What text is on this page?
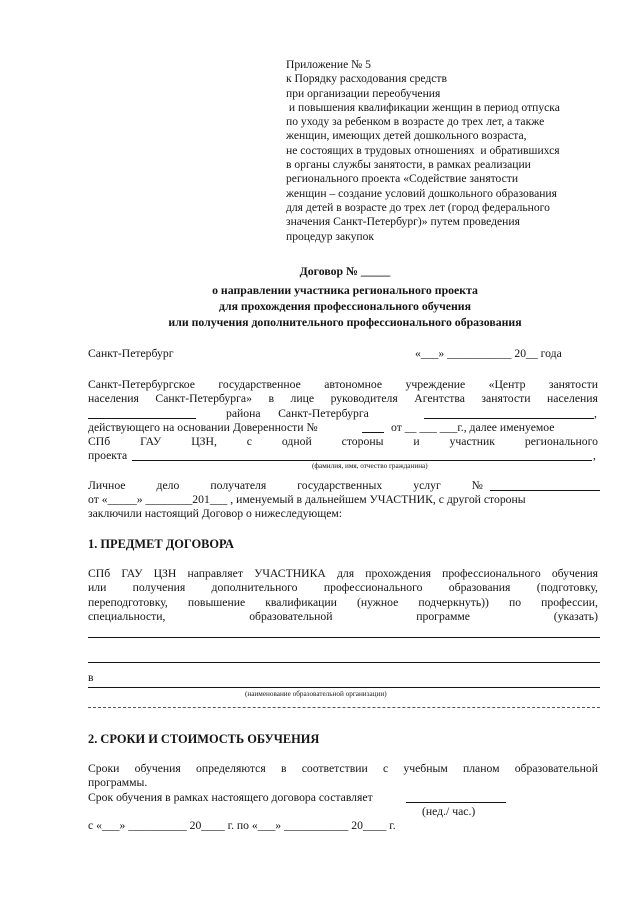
Приложение № 5
к Порядку расходования средств
при организации переобучения
и повышения квалификации женщин в период отпуска
по уходу за ребенком в возрасте до трех лет, а также
женщин, имеющих детей дошкольного возраста,
не состоящих в трудовых отношениях  и обратившихся
в органы службы занятости, в рамках реализации
регионального проекта «Содействие занятости
женщин – создание условий дошкольного образования
для детей в возрасте до трех лет (город федерального
значения Санкт-Петербург)» путем проведения
процедур закупок
Договор № _____
о направлении участника регионального проекта
для прохождения профессионального обучения
или получения дополнительного профессионального образования
Санкт-Петербург	«___» ___________ 20__ года
Санкт-Петербургское государственное автономное учреждение «Центр занятости
населения Санкт-Петербурга» в лице руководителя Агентства занятости населения
района      Санкт-Петербурга	,
действующего на основании Доверенности №	от __ ___ ___г., далее именуемое
СПб	ГАУ	ЦЗН,	с	одной	стороны	и	участник	регионального
проекта	,
(фамилия, имя, отчество гражданина)
Личное	дело	получателя	государственных	услуг	№
от «_____» ________201___ , именуемый в дальнейшем УЧАСТНИК, с другой стороны
заключили настоящий Договор о нижеследующем:
1. ПРЕДМЕТ ДОГОВОРА
СПб ГАУ ЦЗН направляет УЧАСТНИКА для прохождения профессионального обучения
или получения дополнительного профессионального образования (подготовку,
переподготовку, повышение квалификации (нужное подчеркнуть)) по профессии,
специальности,	образовательной	программе	(указать)
в
(наименование образовательной организации)
2. СРОКИ И СТОИМОСТЬ ОБУЧЕНИЯ
Сроки обучения определяются в соответствии с учебным планом образовательной
программы.
Срок обучения в рамках настоящего договора составляет
(нед./ час.)
с «___» __________ 20____ г. по «___» ___________ 20____ г.
